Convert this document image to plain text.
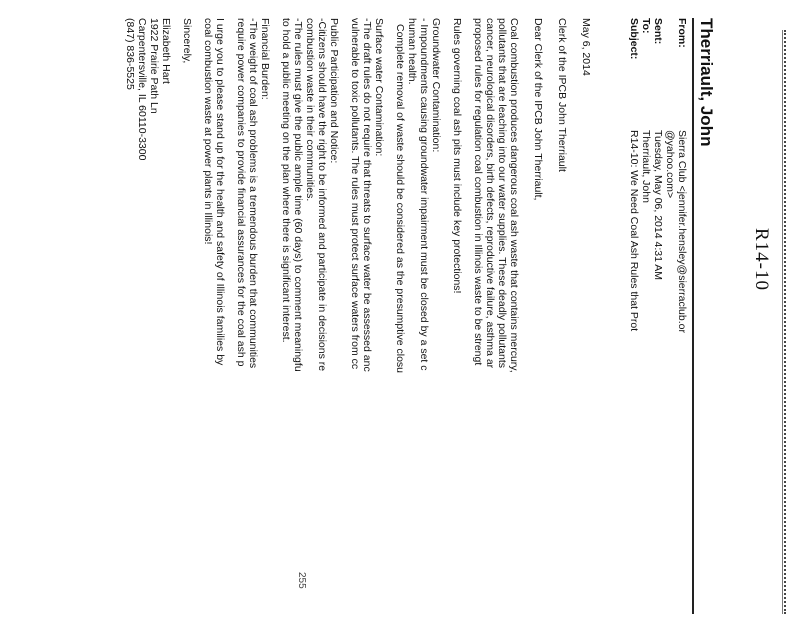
R14-10
Therriault, John
From:
Sierra Club <jennifer.hensley@sierraclub.or
@yahoo.com>
Sent:
Tuesday, May 06, 2014 4:31 AM
To:
Therriault, John
Subject:
R14-10: We Need Coal Ash Rules that Prot

May 6, 2014

Clerk of the IPCB John Therriault

Dear Clerk of the IPCB John Therriault,

Coal combustion produces dangerous coal ash waste that contains mercury,

pollutants that are leaching into our water supplies. These deadly pollutants

cancer, neurological disorders, birth defects, reproductive failure, asthma ar

proposed rules for regulation coal combustion in Illinois waste to be strengt

Rules governing coal ash pits must include key protections!

Groundwater Contamination:

- Impoundments causing groundwater impairment must be closed by a set c

human health.

Complete removal of waste should be considered as the presumptive closu

Surface water Contamination:

-The draft rules do not require that threats to surface water be assessed anc

vulnerable to toxic pollutants. The rules must protect surface waters from cc

Public Participation and Notice:

-Citizens should have the right to be informed and participate in decisions re

combustion waste in their communities.

-The rules must give the public ample time (60 days) to comment meaningfu

to hold a public meeting on the plan where there is significant interest.

Financial Burden:

-The weight of coal ash problems is a tremendous burden that communities

require power companies to provide financial assurances for the coal ash p

I urge you to please stand up for the health and safety of Illinois families by

coal combustion waste at power plants in Illinois!

Sincerely,

Elizabeth Hart

1922 Prairie Path Ln

Carpentersville, IL 60110-3300

(847) 836-5525

255
